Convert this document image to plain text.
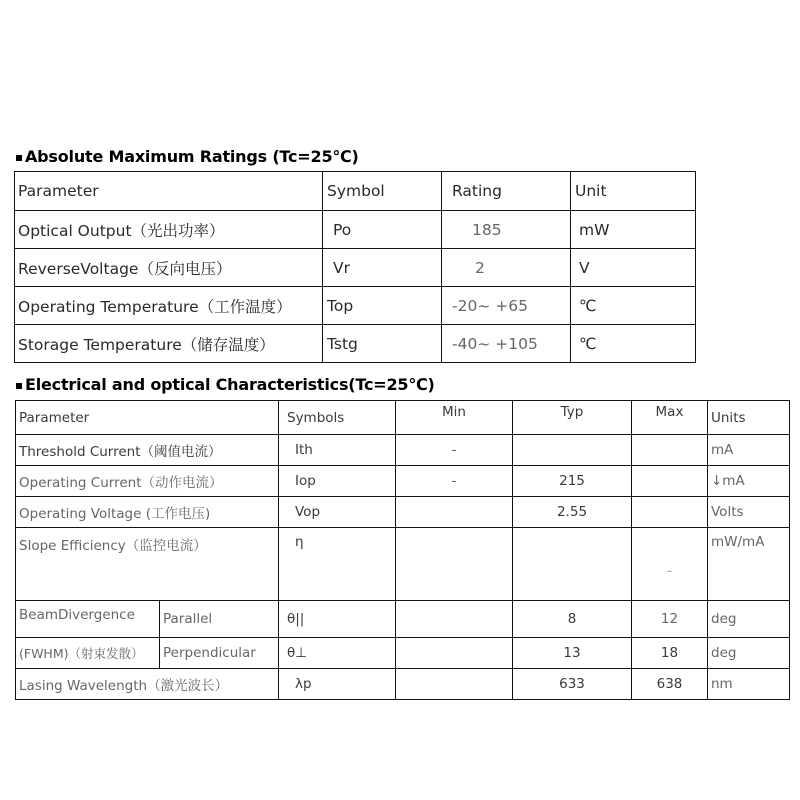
Absolute Maximum Ratings (Tc=25℃)
Parameter	Symbol	Rating	Unit
Optical Output（光出功率）	Po	185	mW
ReverseVoltage（反向电压）	Vr	2	V
Operating Temperature（工作温度）	Top	-20~ +65	℃
Storage Temperature（储存温度）	Tstg	-40~ +105	℃
Electrical and optical Characteristics(Tc=25℃)
Parameter		Symbols	Min	Typ	Max	Units
Threshold Current（阈值电流）		Ith	-			mA
Operating Current（动作电流）		Iop	-	215		↓mA
Operating Voltage (工作电压)		Vop		2.55		Volts
Slope Efficiency（监控电流）		η			-	mW/mA
BeamDivergence	Parallel	θ||		8	12	deg
(FWHM)（射束发散）	Perpendicular	θ⊥		13	18	deg
Lasing Wavelength（激光波长）		λp		633	638	nm
